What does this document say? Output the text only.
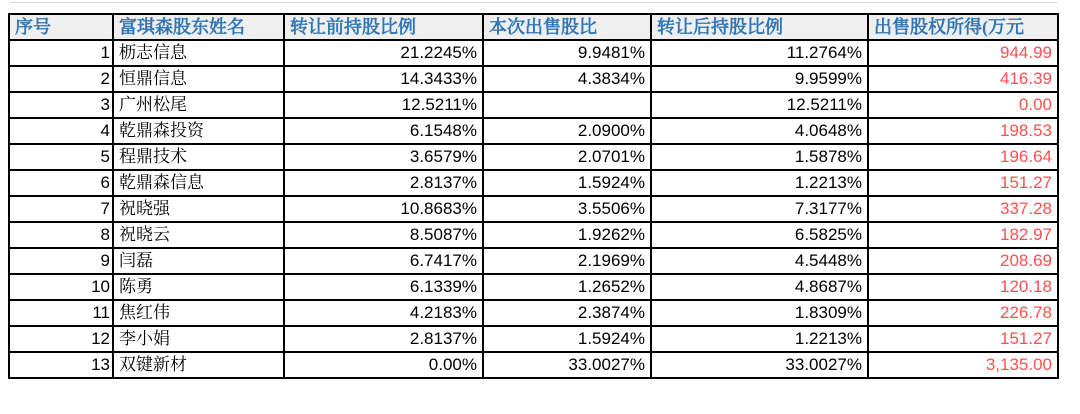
序号	富琪森股东姓名	转让前持股比例	本次出售股比	转让后持股比例	出售股权所得(万元
1	枥志信息	21.2245%	9.9481%	11.2764%	944.99
2	恒鼎信息	14.3433%	4.3834%	9.9599%	416.39
3	广州松尾	12.5211%		12.5211%	0.00
4	乾鼎森投资	6.1548%	2.0900%	4.0648%	198.53
5	程鼎技术	3.6579%	2.0701%	1.5878%	196.64
6	乾鼎森信息	2.8137%	1.5924%	1.2213%	151.27
7	祝晓强	10.8683%	3.5506%	7.3177%	337.28
8	祝晓云	8.5087%	1.9262%	6.5825%	182.97
9	闫磊	6.7417%	2.1969%	4.5448%	208.69
10	陈勇	6.1339%	1.2652%	4.8687%	120.18
11	焦红伟	4.2183%	2.3874%	1.8309%	226.78
12	李小娟	2.8137%	1.5924%	1.2213%	151.27
13	双键新材	0.00%	33.0027%	33.0027%	3,135.00
